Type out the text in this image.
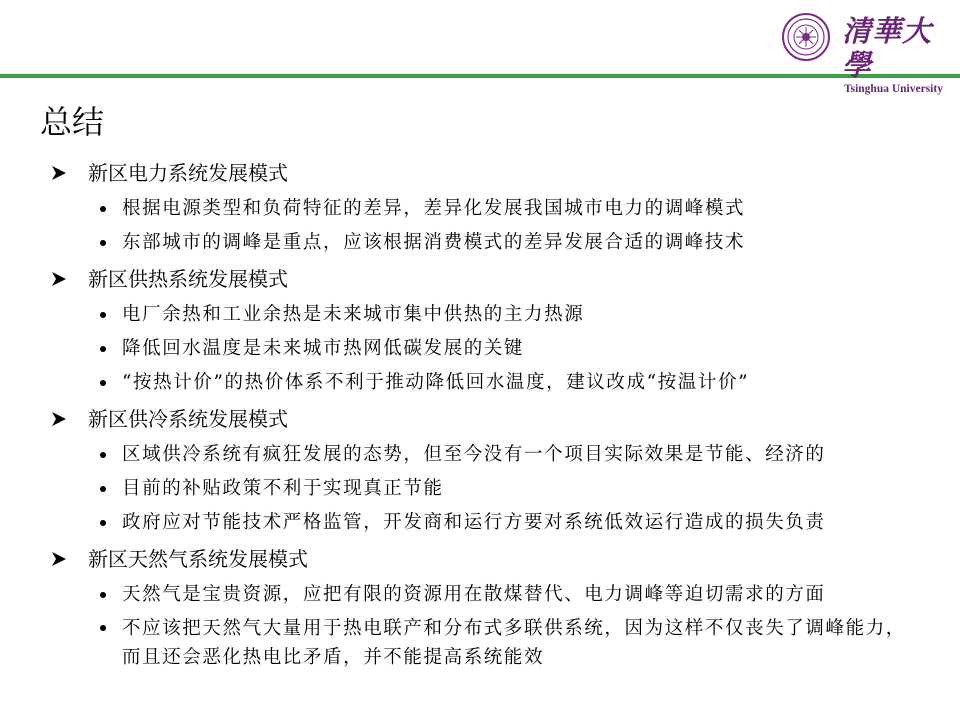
清華大學
Tsinghua University
总结
新区电力系统发展模式
根据电源类型和负荷特征的差异，差异化发展我国城市电力的调峰模式
东部城市的调峰是重点，应该根据消费模式的差异发展合适的调峰技术
新区供热系统发展模式
电厂余热和工业余热是未来城市集中供热的主力热源
降低回水温度是未来城市热网低碳发展的关键
“按热计价”的热价体系不利于推动降低回水温度，建议改成“按温计价”
新区供冷系统发展模式
区域供冷系统有疯狂发展的态势，但至今没有一个项目实际效果是节能、经济的
目前的补贴政策不利于实现真正节能
政府应对节能技术严格监管，开发商和运行方要对系统低效运行造成的损失负责
新区天然气系统发展模式
天然气是宝贵资源，应把有限的资源用在散煤替代、电力调峰等迫切需求的方面
不应该把天然气大量用于热电联产和分布式多联供系统，因为这样不仅丧失了调峰能力，而且还会恶化热电比矛盾，并不能提高系统能效
